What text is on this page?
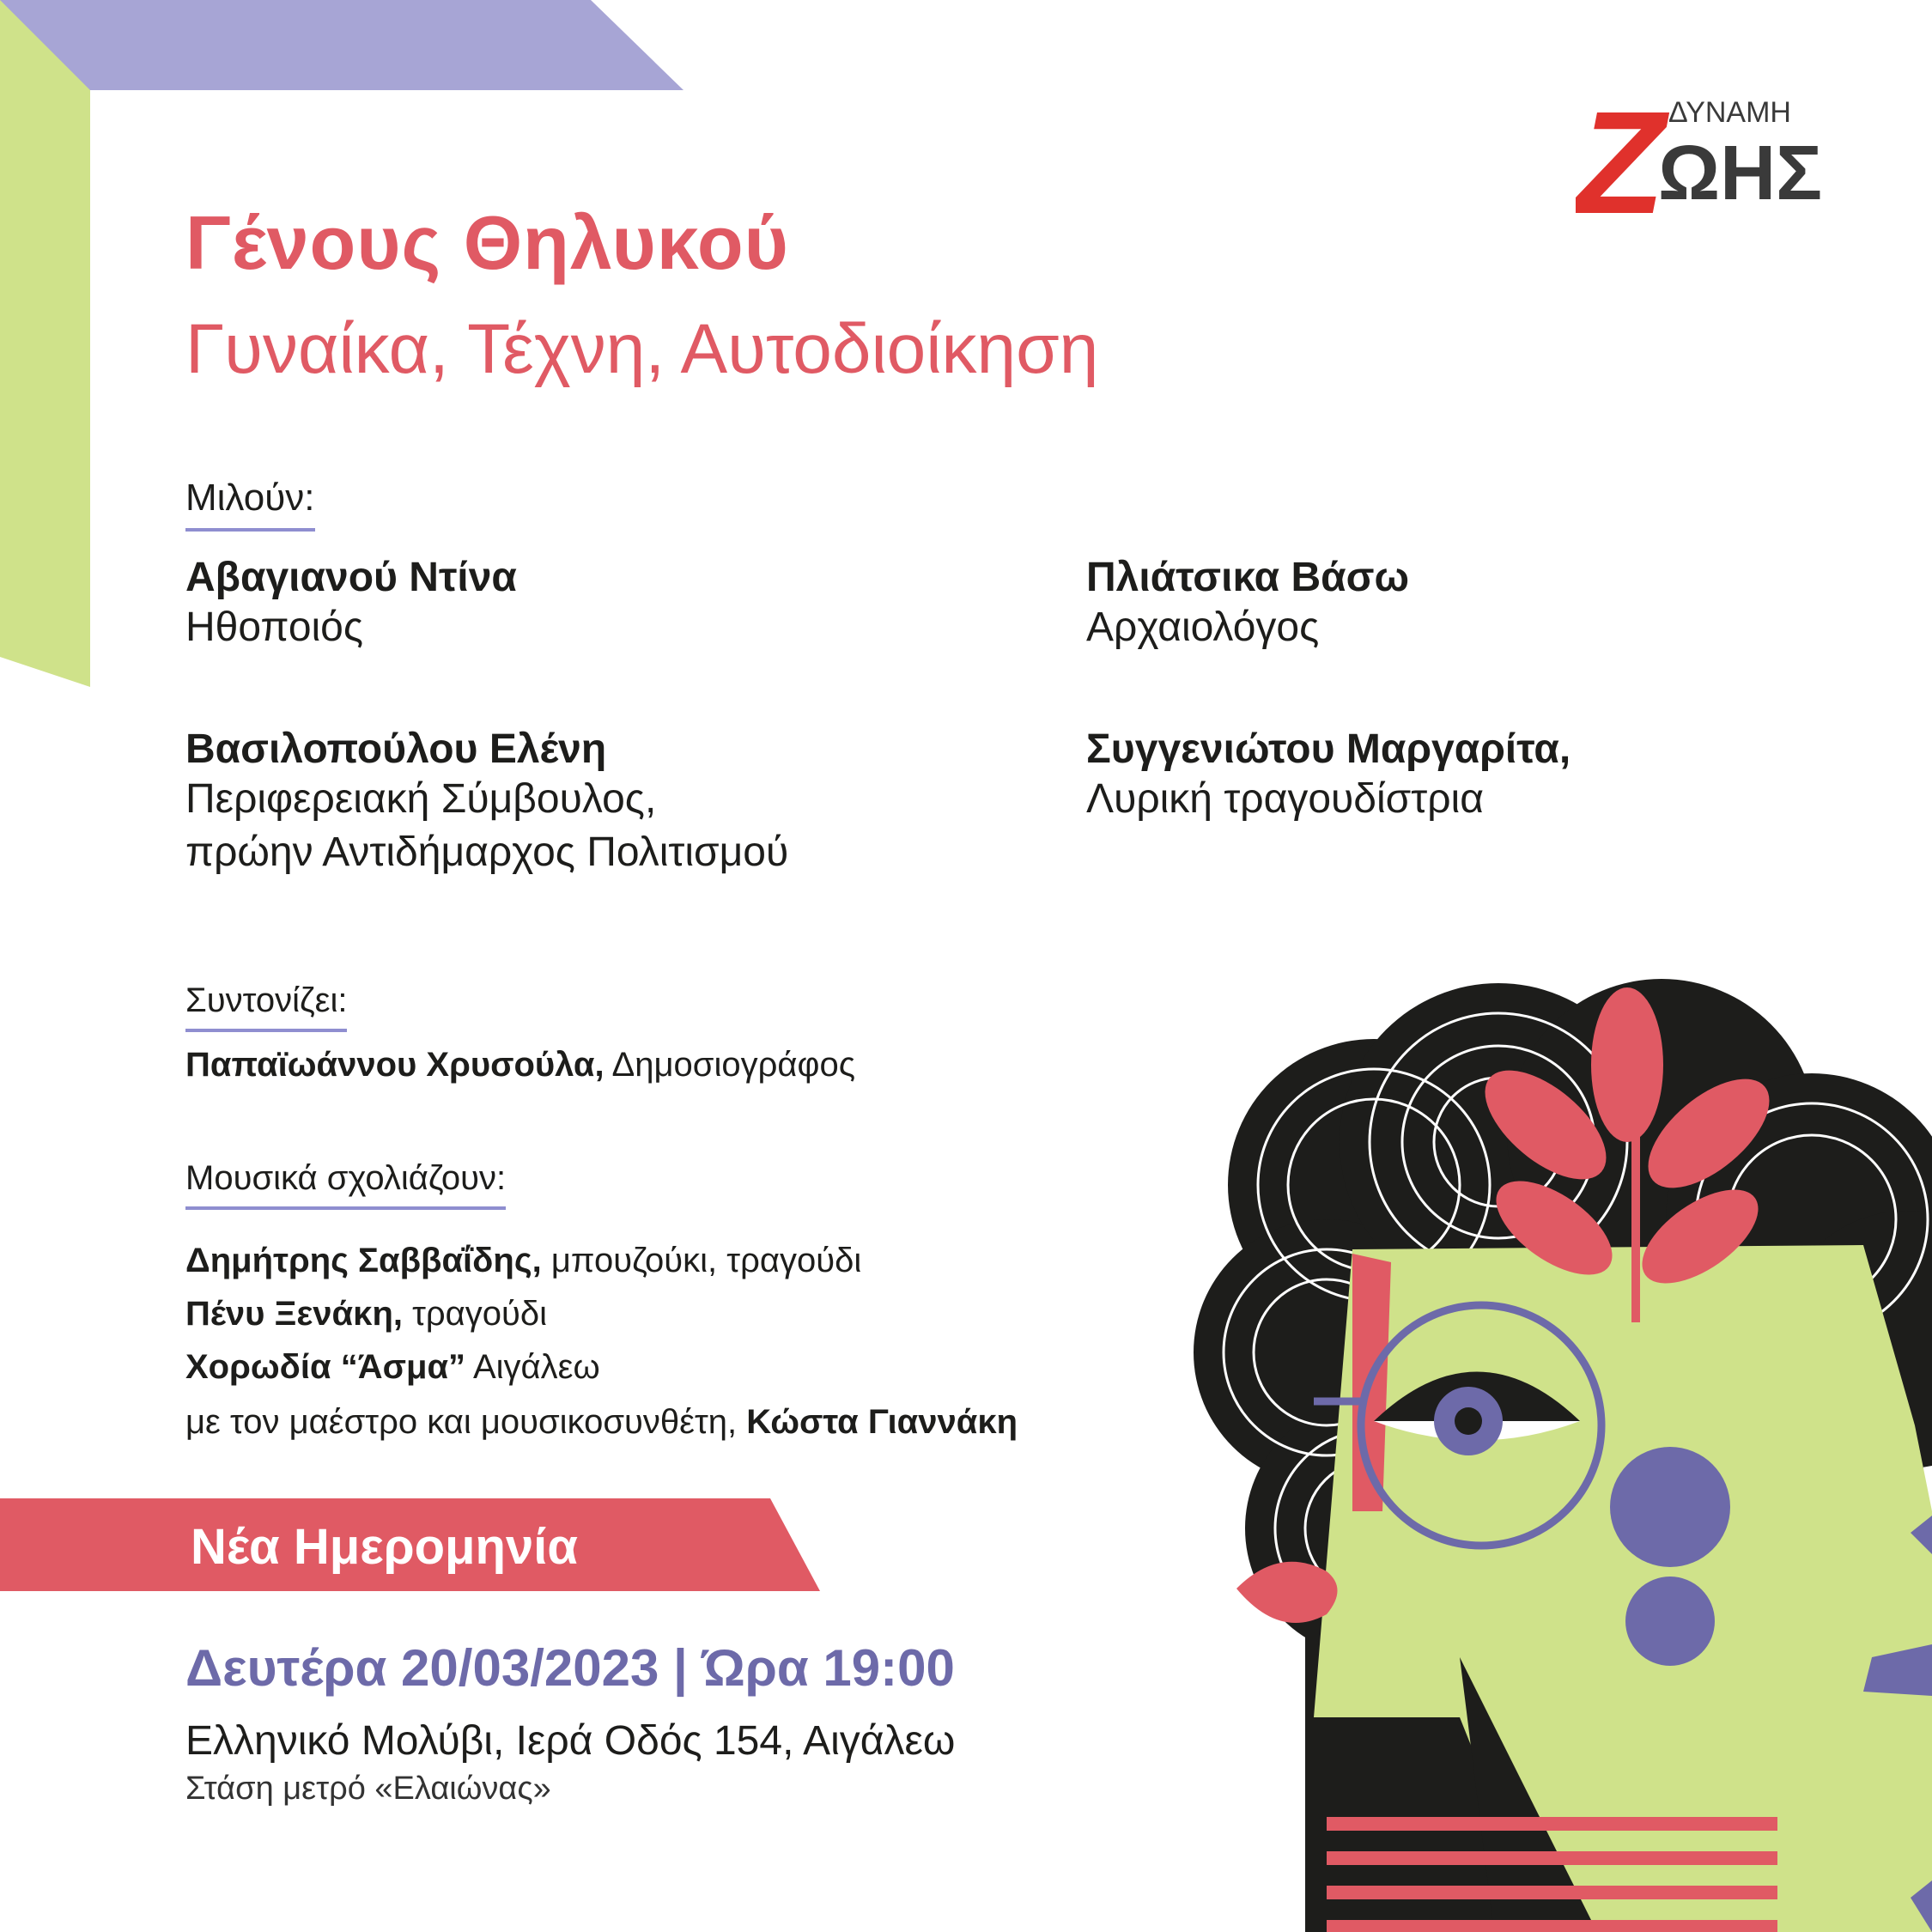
Z ΔΥΝΑΜΗ
ΩΗΣ
Γένους Θηλυκού
Γυναίκα, Τέχνη, Αυτοδιοίκηση
Μιλούν:
Αβαγιανού Ντίνα
Ηθοποιός
Πλιάτσικα Βάσω
Αρχαιολόγος
Βασιλοπούλου Ελένη
Περιφερειακή Σύμβουλος,
πρώην Αντιδήμαρχος Πολιτισμού
Συγγενιώτου Μαργαρίτα,
Λυρική τραγουδίστρια
Συντονίζει:
Παπαϊωάννου Χρυσούλα, Δημοσιογράφος
Μουσικά σχολιάζουν:
Δημήτρης Σαββαΐδης, μπουζούκι, τραγούδι
Πένυ Ξενάκη, τραγούδι
Χορωδία “Άσμα” Αιγάλεω
με τον μαέστρο και μουσικοσυνθέτη, Κώστα Γιαννάκη
Νέα Ημερομηνία
Δευτέρα 20/03/2023 | Ώρα 19:00
Ελληνικό Μολύβι, Ιερά Οδός 154, Αιγάλεω
Στάση μετρό «Ελαιώνας»
